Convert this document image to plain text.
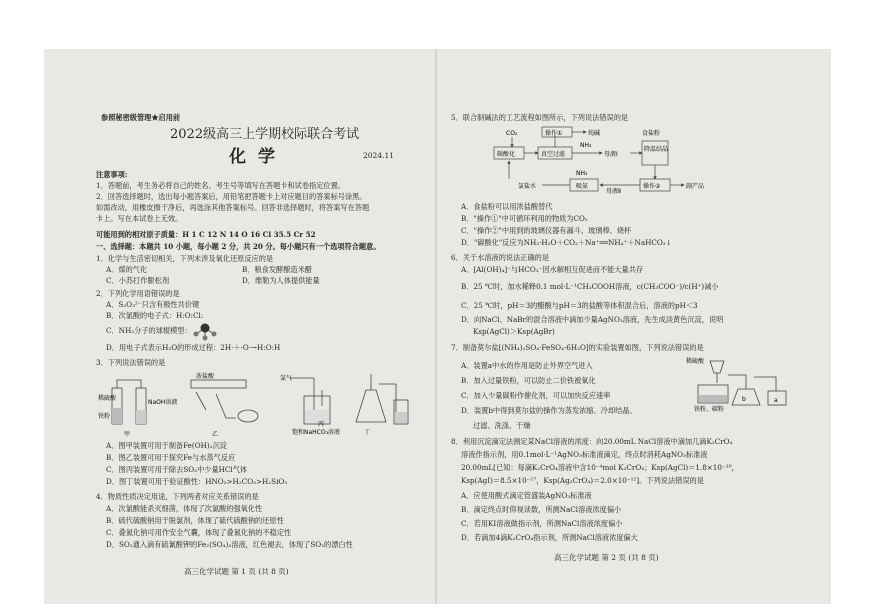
参照秘密级管理★启用前
2022级高三上学期校际联合考试
化学	2024.11
注意事项:
1．答题前，考生务必将自己的姓名、考生号等填写在答题卡和试卷指定位置。
2．回答选择题时，选出每小题答案后，用铅笔把答题卡上对应题目的答案标号涂黑。
如需改动，用橡皮擦干净后，再选涂其他答案标号。回答非选择题时，将答案写在答题
卡上。写在本试卷上无效。
可能用到的相对原子质量：H 1 C 12 N 14 O 16 Cl 35.5 Cr 52
一、选择题：本题共 10 小题，每小题 2 分，共 20 分。每小题只有一个选项符合题意。
1．化学与生活密切相关，下列未涉及氧化还原反应的是
A．煤的气化	B．粮食发酵酿造米醋
C．小苏打作膨松剂	D．维勒为人体提供能量
2．下列化学用语错误的是
A．S₂O₃²⁻只含有极性共价键
B．次氯酸的电子式：H:O:Cl:
C．NH₃分子的球棍模型：
D．用电子式表示H₂O的形成过程：2H·＋·O·→H:O:H
3．下列说法错误的是
稀硫酸
铁粉
NaOH溶液
甲
浓盐酸
乙
氯气
饱和NaHCO₃溶液
丙
丁
A．图甲装置可用于制备Fe(OH)₂沉淀
B．图乙装置可用于探究Fe与水蒸气反应
C．图丙装置可用于除去SO₂中少量HCl气体
D．图丁装置可用于验证酸性：HNO₃>H₂CO₃>H₂SiO₃
4．物质性质决定用途，下列两者对应关系错误的是
A．次氯酸能杀灭细菌，体现了次氯酸的强氧化性
B．硫代硫酸钠用于脱氯剂，体现了硫代硫酸钠的还原性
C．叠氮化钠可用作安全气囊，体现了叠氮化钠的不稳定性
D．SO₂通入滴有硫氰酸钾的Fe₂(SO₄)₃溶液，红色褪去，体现了SO₂的漂白性
高三化学试题 第 1 页 (共 8 页)
5．联合制碱法的工艺流程如图所示，下列说法错误的是
CO₂
碳酸化	真空过滤
操作①	纯碱
母液Ⅰ
NH₃
食盐粉
降温结晶
操作②	副产品
母液Ⅱ
吸氨
NH₃
氯盐水
A．食盐粉可以用浓盐酸替代
B．"操作①"中可循环利用的物质为CO₂
C．"操作②"中用到的玻璃仪器有漏斗、玻璃棒、烧杯
D．"碳酸化"反应为NH₃·H₂O＋CO₂＋Na⁺══NH₄⁺＋NaHCO₃↓
6．关于水溶液的说法正确的是
A．[Al(OH)₄]⁻与HCO₃⁻因水解相互促进而不能大量共存
B．25 ℃时，加水稀释0.1 mol·L⁻¹CH₃COOH溶液，c(CH₃COO⁻)/c(H⁺)减小
C．25 ℃时，pH＝3的醋酸与pH＝3的盐酸等体积混合后，溶液的pH＜3
D．向NaCl、NaBr的混合溶液中滴加少量AgNO₃溶液，先生成淡黄色沉淀，说明
Ksp(AgCl)＞Ksp(AgBr)
7．制备莫尔盐[(NH₄)₂SO₄·FeSO₄·6H₂O]的实验装置如图，下列说法错误的是
A．装置a中水的作用是防止外界空气进入
B．加入过量铁粉，可以防止二价铁被氧化
C．加入少量碳粉作催化剂，可以加快反应速率
D．装置b中得到莫尔盐的操作为蒸发浓缩、冷却结晶、
过滤、洗涤、干燥
稀硫酸
铁粉、碳粉
b	a
8．利用沉淀滴定法测定某NaCl溶液的浓度：向20.00mL NaCl溶液中滴加几滴K₂CrO₄
溶液作指示剂，用0.1mol·L⁻¹AgNO₃标准液滴定，终点时消耗AgNO₃标准液
20.00mL[已知：每滴K₂CrO₄溶液中含10⁻⁴mol K₂CrO₄；Ksp(AgCl)＝1.8×10⁻¹⁰，
Ksp(AgI)＝8.5×10⁻¹⁷，Ksp(Ag₂CrO₄)＝2.0×10⁻¹²]。下列说法错误的是
A．应使用酸式滴定管盛装AgNO₃标准液
B．滴定终点时仰视读数，所测NaCl溶液浓度偏小
C．若用KI溶液做指示剂，所测NaCl溶液浓度偏小
D．若滴加4滴K₂CrO₄指示剂，所测NaCl溶液浓度偏大
高三化学试题 第 2 页 (共 8 页)
